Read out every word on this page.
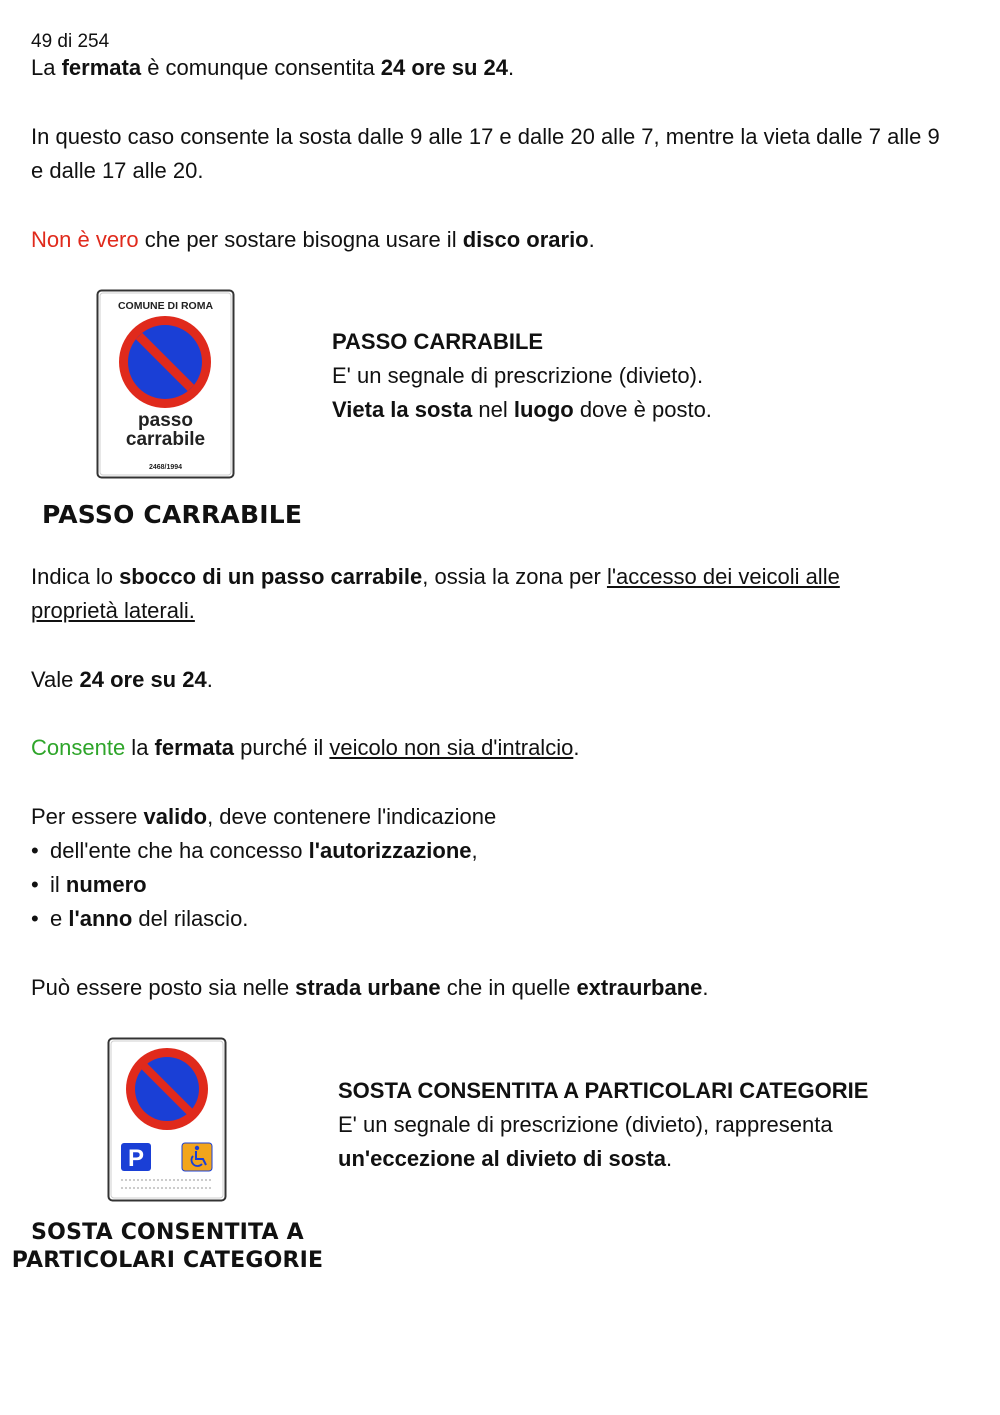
49 di 254
La fermata è comunque consentita 24 ore su 24.
In questo caso consente la sosta dalle 9 alle 17 e dalle 20 alle 7, mentre la vieta dalle 7 alle 9 e dalle 17 alle 20.
Non è vero che per sostare bisogna usare il disco orario.
COMUNE DI ROMA
passo
carrabile
2468/1994
PASSO CARRABILE
E' un segnale di prescrizione (divieto).
Vieta la sosta nel luogo dove è posto.
PASSO CARRABILE
Indica lo sbocco di un passo carrabile, ossia la zona per l'accesso dei veicoli alle
proprietà laterali.
Vale 24 ore su 24.
Consente la fermata purché il veicolo non sia d'intralcio.
Per essere valido, deve contenere l'indicazione
• dell'ente che ha concesso l'autorizzazione,
• il numero
• e l'anno del rilascio.
Può essere posto sia nelle strada urbane che in quelle extraurbane.
P
SOSTA CONSENTITA A PARTICOLARI CATEGORIE
E' un segnale di prescrizione (divieto), rappresenta
un'eccezione al divieto di sosta.
SOSTA CONSENTITA A
PARTICOLARI CATEGORIE
